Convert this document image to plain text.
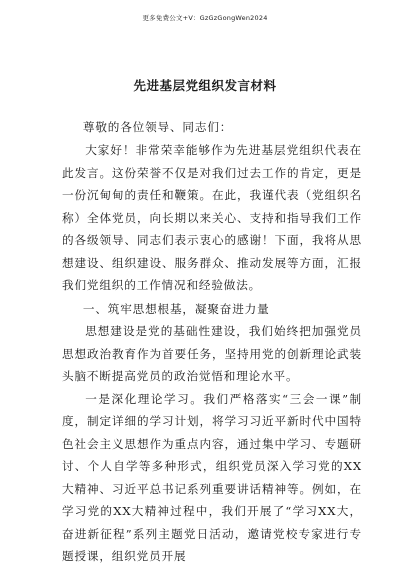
更多免费公文+V：GzGzGongWen2024
先进基层党组织发言材料

尊敬的各位领导、同志们：

大家好！非常荣幸能够作为先进基层党组织代表在此发言。这份荣誉不仅是对我们过去工作的肯定，更是一份沉甸甸的责任和鞭策。在此，我谨代表（党组织名称）全体党员，向长期以来关心、支持和指导我们工作的各级领导、同志们表示衷心的感谢！下面，我将从思想建设、组织建设、服务群众、推动发展等方面，汇报我们党组织的工作情况和经验做法。

一、筑牢思想根基，凝聚奋进力量

思想建设是党的基础性建设，我们始终把加强党员思想政治教育作为首要任务，坚持用党的创新理论武装头脑不断提高党员的政治觉悟和理论水平。

一是深化理论学习。我们严格落实“三会一课”制度，制定详细的学习计划，将学习习近平新时代中国特色社会主义思想作为重点内容，通过集中学习、专题研讨、个人自学等多种形式，组织党员深入学习党的XX大精神、习近平总书记系列重要讲话精神等。例如，在学习党的XX大精神过程中，我们开展了“学习XX大，奋进新征程”系列主题党日活动，邀请党校专家进行专题授课，组织党员开展
